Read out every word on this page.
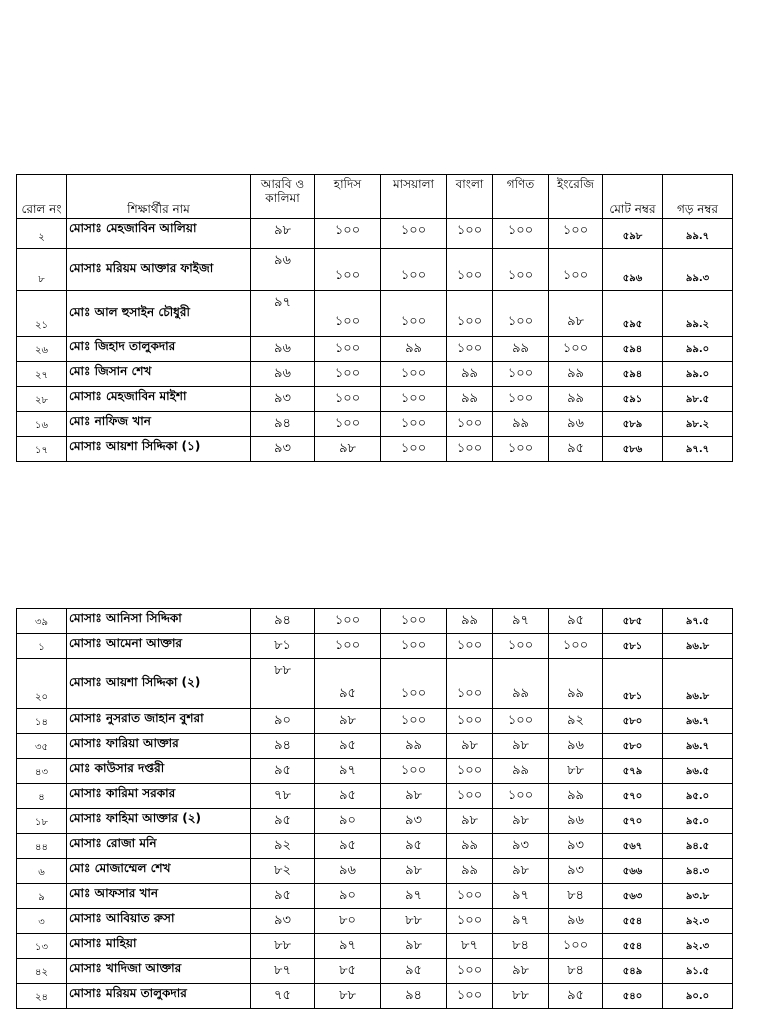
রোল নং	শিক্ষার্থীর নাম	আরবি ও কালিমা	হাদিস	মাসয়ালা	বাংলা	গণিত	ইংরেজি	মোট নম্বর	গড় নম্বর
২	মোসাঃ মেহজাবিন আলিয়া	৯৮	১০০	১০০	১০০	১০০	১০০	৫৯৮	৯৯.৭
৮	মোসাঃ মরিয়ম আক্তার ফাইজা	৯৬	১০০	১০০	১০০	১০০	১০০	৫৯৬	৯৯.৩
২১	মোঃ আল হুসাইন চৌধুরী	৯৭	১০০	১০০	১০০	১০০	৯৮	৫৯৫	৯৯.২
২৬	মোঃ জিহাদ তালুকদার	৯৬	১০০	৯৯	১০০	৯৯	১০০	৫৯৪	৯৯.০
২৭	মোঃ জিসান শেখ	৯৬	১০০	১০০	৯৯	১০০	৯৯	৫৯৪	৯৯.০
২৮	মোসাঃ মেহজাবিন মাইশা	৯৩	১০০	১০০	৯৯	১০০	৯৯	৫৯১	৯৮.৫
১৬	মোঃ নাফিজ খান	৯৪	১০০	১০০	১০০	৯৯	৯৬	৫৮৯	৯৮.২
১৭	মোসাঃ আয়শা সিদ্দিকা (১)	৯৩	৯৮	১০০	১০০	১০০	৯৫	৫৮৬	৯৭.৭
৩৯	মোসাঃ আনিসা সিদ্দিকা	৯৪	১০০	১০০	৯৯	৯৭	৯৫	৫৮৫	৯৭.৫
১	মোসাঃ আমেনা আক্তার	৮১	১০০	১০০	১০০	১০০	১০০	৫৮১	৯৬.৮
২০	মোসাঃ আয়শা সিদ্দিকা (২)	৮৮	৯৫	১০০	১০০	৯৯	৯৯	৫৮১	৯৬.৮
১৪	মোসাঃ নুসরাত জাহান বুশরা	৯০	৯৮	১০০	১০০	১০০	৯২	৫৮০	৯৬.৭
৩৫	মোসাঃ ফারিয়া আক্তার	৯৪	৯৫	৯৯	৯৮	৯৮	৯৬	৫৮০	৯৬.৭
৪৩	মোঃ কাউসার দপ্তরী	৯৫	৯৭	১০০	১০০	৯৯	৮৮	৫৭৯	৯৬.৫
৪	মোসাঃ কারিমা সরকার	৭৮	৯৫	৯৮	১০০	১০০	৯৯	৫৭০	৯৫.০
১৮	মোসাঃ ফাহিমা আক্তার (২)	৯৫	৯০	৯৩	৯৮	৯৮	৯৬	৫৭০	৯৫.০
৪৪	মোসাঃ রোজা মনি	৯২	৯৫	৯৫	৯৯	৯৩	৯৩	৫৬৭	৯৪.৫
৬	মোঃ মোজাম্মেল শেখ	৮২	৯৬	৯৮	৯৯	৯৮	৯৩	৫৬৬	৯৪.৩
৯	মোঃ আফসার খান	৯৫	৯০	৯৭	১০০	৯৭	৮৪	৫৬৩	৯৩.৮
৩	মোসাঃ আবিয়াত রুসা	৯৩	৮০	৮৮	১০০	৯৭	৯৬	৫৫৪	৯২.৩
১৩	মোসাঃ মাহিয়া	৮৮	৯৭	৯৮	৮৭	৮৪	১০০	৫৫৪	৯২.৩
৪২	মোসাঃ খাদিজা আক্তার	৮৭	৮৫	৯৫	১০০	৯৮	৮৪	৫৪৯	৯১.৫
২৪	মোসাঃ মরিয়ম তালুকদার	৭৫	৮৮	৯৪	১০০	৮৮	৯৫	৫৪০	৯০.০
